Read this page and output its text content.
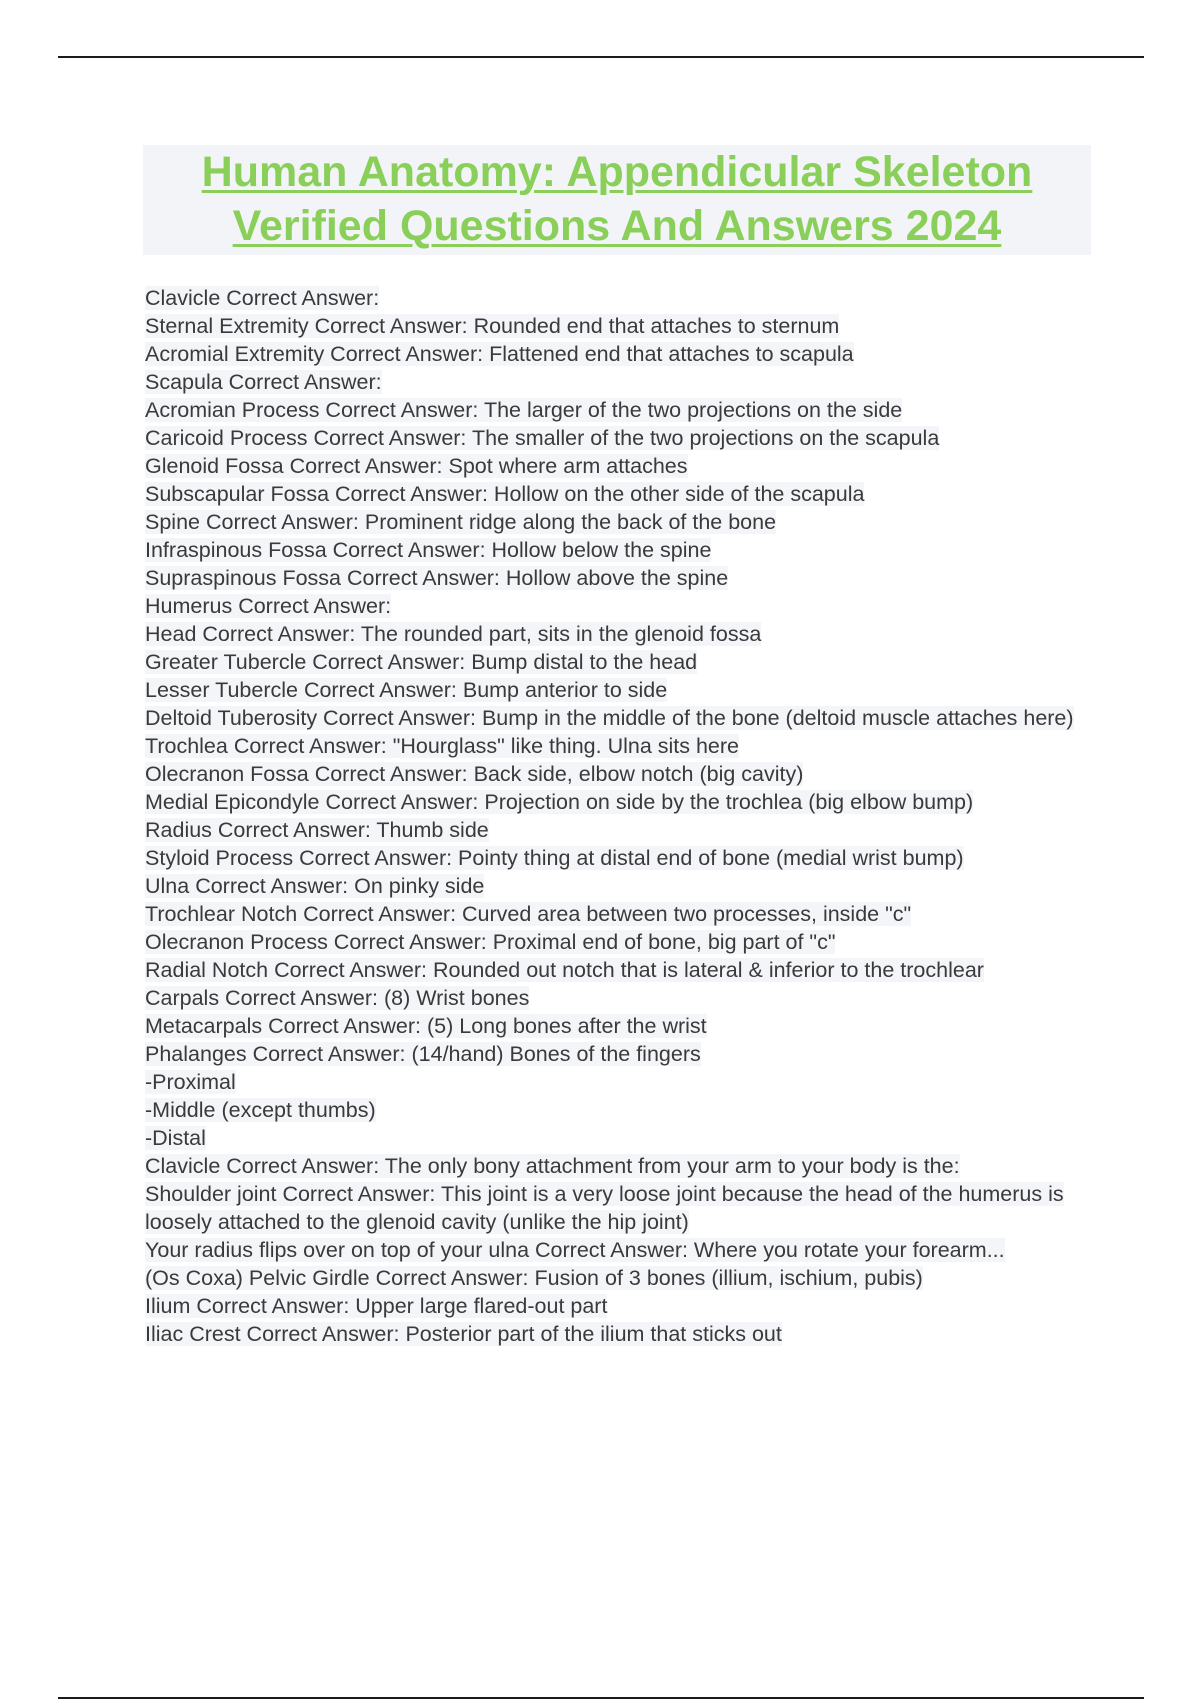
Human Anatomy: Appendicular Skeleton
Verified Questions And Answers 2024
Clavicle Correct Answer:
Sternal Extremity Correct Answer: Rounded end that attaches to sternum
Acromial Extremity Correct Answer: Flattened end that attaches to scapula
Scapula Correct Answer:
Acromian Process Correct Answer: The larger of the two projections on the side
Caricoid Process Correct Answer: The smaller of the two projections on the scapula
Glenoid Fossa Correct Answer: Spot where arm attaches
Subscapular Fossa Correct Answer: Hollow on the other side of the scapula
Spine Correct Answer: Prominent ridge along the back of the bone
Infraspinous Fossa Correct Answer: Hollow below the spine
Supraspinous Fossa Correct Answer: Hollow above the spine
Humerus Correct Answer:
Head Correct Answer: The rounded part, sits in the glenoid fossa
Greater Tubercle Correct Answer: Bump distal to the head
Lesser Tubercle Correct Answer: Bump anterior to side
Deltoid Tuberosity Correct Answer: Bump in the middle of the bone (deltoid muscle attaches here)
Trochlea Correct Answer: "Hourglass" like thing. Ulna sits here
Olecranon Fossa Correct Answer: Back side, elbow notch (big cavity)
Medial Epicondyle Correct Answer: Projection on side by the trochlea (big elbow bump)
Radius Correct Answer: Thumb side
Styloid Process Correct Answer: Pointy thing at distal end of bone (medial wrist bump)
Ulna Correct Answer: On pinky side
Trochlear Notch Correct Answer: Curved area between two processes, inside "c"
Olecranon Process Correct Answer: Proximal end of bone, big part of "c"
Radial Notch Correct Answer: Rounded out notch that is lateral & inferior to the trochlear
Carpals Correct Answer: (8) Wrist bones
Metacarpals Correct Answer: (5) Long bones after the wrist
Phalanges Correct Answer: (14/hand) Bones of the fingers
-Proximal
-Middle (except thumbs)
-Distal
Clavicle Correct Answer: The only bony attachment from your arm to your body is the:
Shoulder joint Correct Answer: This joint is a very loose joint because the head of the humerus is loosely attached to the glenoid cavity (unlike the hip joint)
Your radius flips over on top of your ulna Correct Answer: Where you rotate your forearm...
(Os Coxa) Pelvic Girdle Correct Answer: Fusion of 3 bones (illium, ischium, pubis)
Ilium Correct Answer: Upper large flared-out part
Iliac Crest Correct Answer: Posterior part of the ilium that sticks out
